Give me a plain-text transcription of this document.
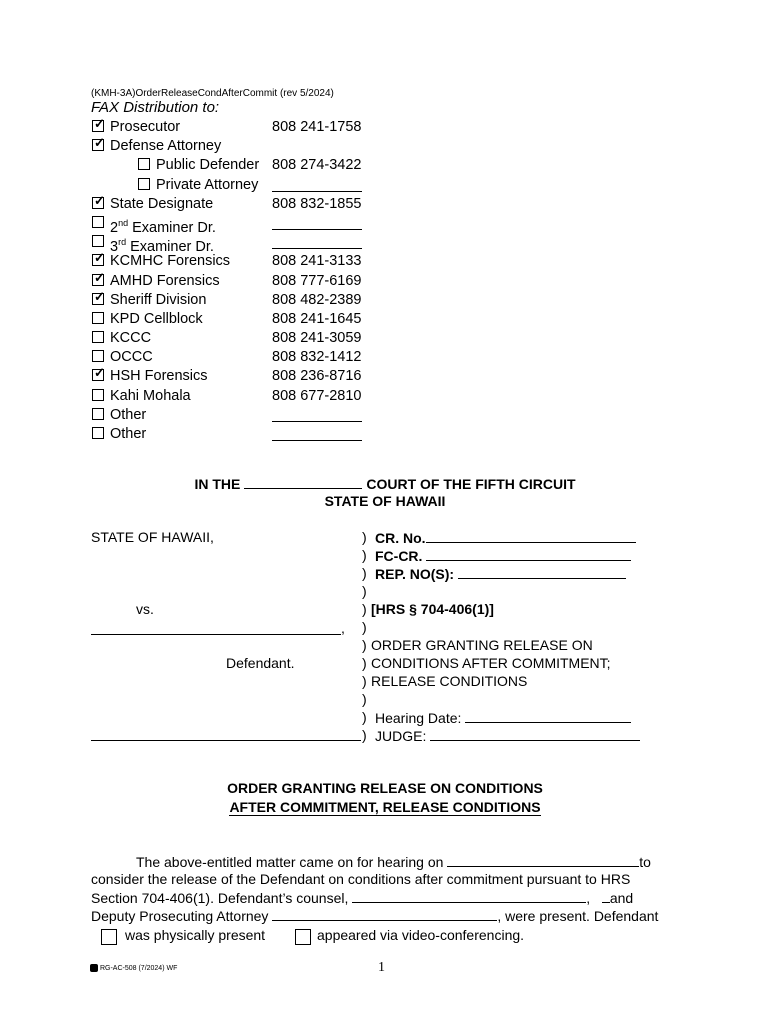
(KMH-3A)OrderReleaseCondAfterCommit (rev 5/2024)
FAX Distribution to:
✓ Prosecutor	808 241-1758
✓ Defense Attorney
Public Defender 808 274-3422
Private Attorney
✓ State Designate	808 832-1855
2nd Examiner Dr.
3rd Examiner Dr.
✓ KCMHC Forensics	808 241-3133
✓ AMHD Forensics	808 777-6169
✓ Sheriff Division	808 482-2389
KPD Cellblock	808 241-1645
KCCC	808 241-3059
OCCC	808 832-1412
✓ HSH Forensics	808 236-8716
Kahi Mohala	808 677-2810
Other
Other
IN THE	COURT OF THE FIFTH CIRCUIT
STATE OF HAWAII
STATE OF HAWAII,
vs.
,
Defendant.
) CR. No.
) FC-CR.
) REP. NO(S):
)
) [HRS § 704-406(1)]
)
) ORDER GRANTING RELEASE ON
) CONDITIONS AFTER COMMITMENT;
) RELEASE CONDITIONS
)
) Hearing Date:
) JUDGE:
ORDER GRANTING RELEASE ON CONDITIONS
AFTER COMMITMENT, RELEASE CONDITIONS
The above-entitled matter came on for hearing on	to
consider the release of the Defendant on conditions after commitment pursuant to HRS
Section 704-406(1). Defendant’s counsel,	,   and
Deputy Prosecuting Attorney	, were present. Defendant
was physically present	appeared via video-conferencing.
RG-AC-508 (7/2024) WF	1
